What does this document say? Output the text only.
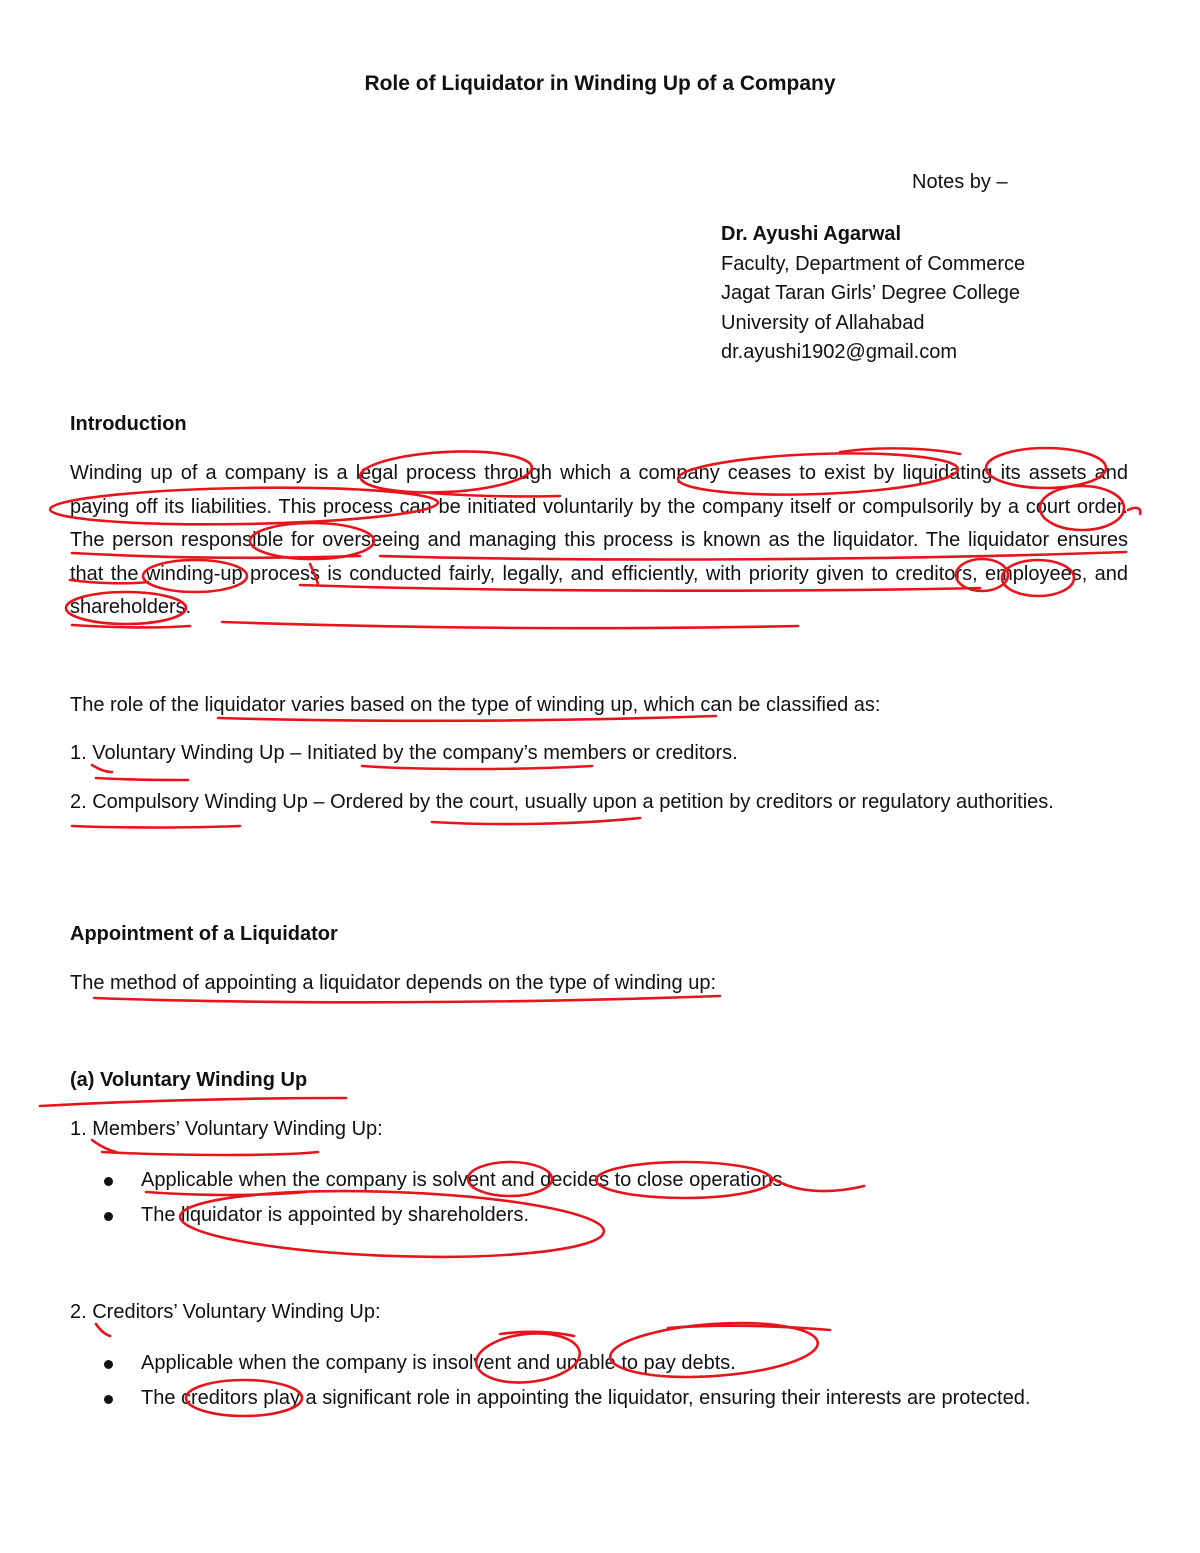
Role of Liquidator in Winding Up of a Company
Notes by –
Dr. Ayushi Agarwal
Faculty, Department of Commerce
Jagat Taran Girls’ Degree College
University of Allahabad
dr.ayushi1902@gmail.com
Introduction
Winding up of a company is a legal process through which a company ceases to exist by liquidating its assets and paying off its liabilities. This process can be initiated voluntarily by the company itself or compulsorily by a court order. The person responsible for overseeing and managing this process is known as the liquidator. The liquidator ensures that the winding-up process is conducted fairly, legally, and efficiently, with priority given to creditors, employees, and shareholders.
The role of the liquidator varies based on the type of winding up, which can be classified as:
1. Voluntary Winding Up – Initiated by the company’s members or creditors.
2. Compulsory Winding Up – Ordered by the court, usually upon a petition by creditors or regulatory authorities.
Appointment of a Liquidator
The method of appointing a liquidator depends on the type of winding up:
(a) Voluntary Winding Up
1. Members’ Voluntary Winding Up:
Applicable when the company is solvent and decides to close operations.
The liquidator is appointed by shareholders.
2. Creditors’ Voluntary Winding Up:
Applicable when the company is insolvent and unable to pay debts.
The creditors play a significant role in appointing the liquidator, ensuring their interests are protected.
